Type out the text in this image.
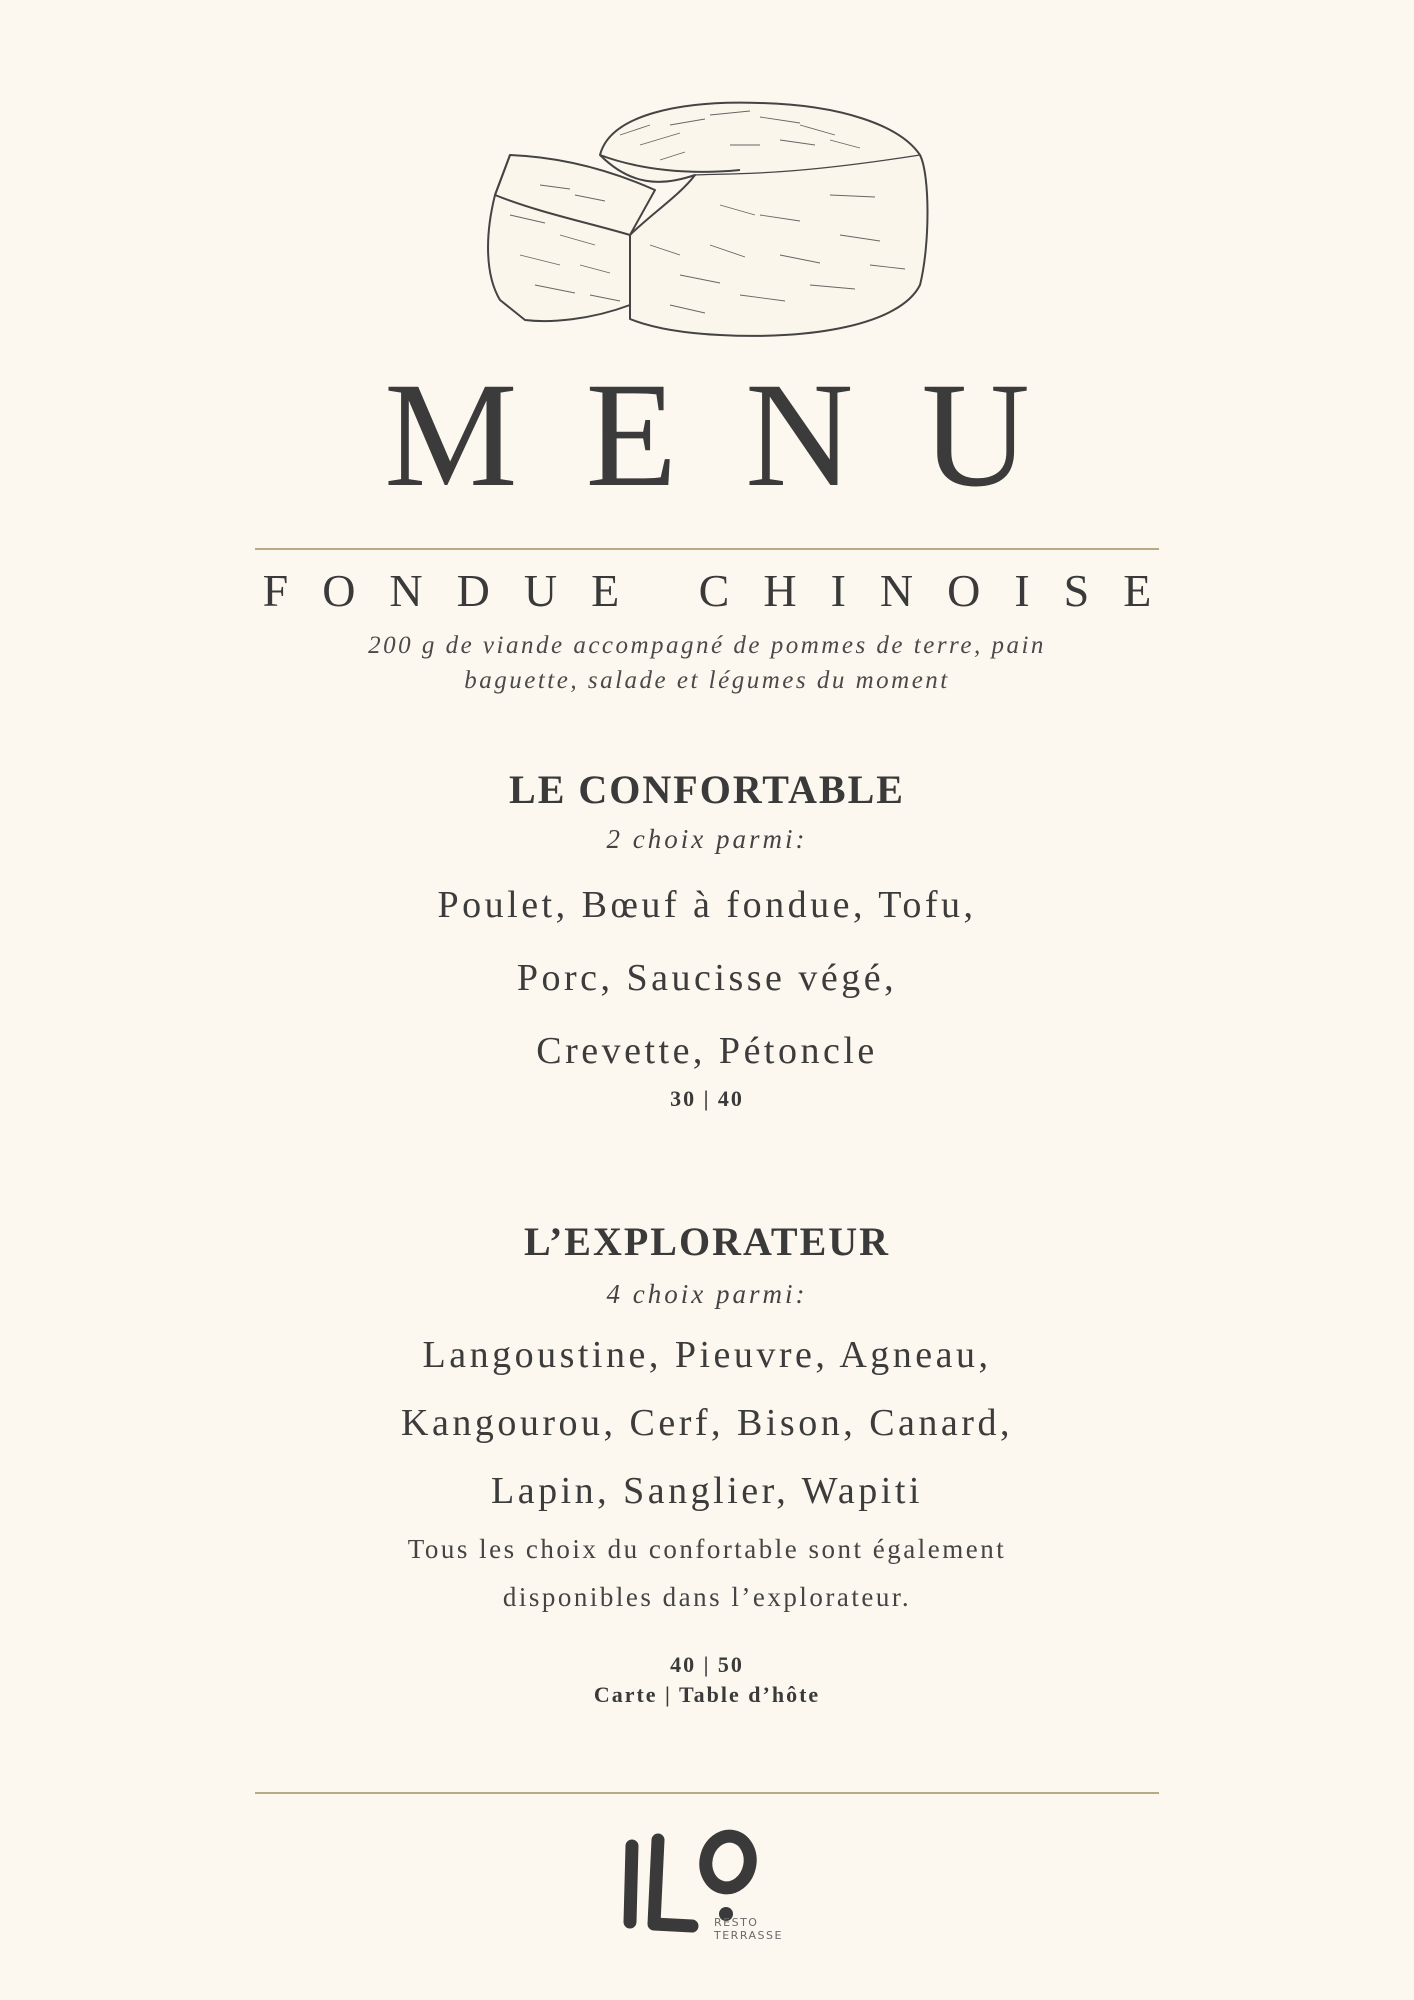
MENU
FONDUE CHINOISE
200 g de viande accompagné de pommes de terre, pain
baguette, salade et légumes du moment
LE CONFORTABLE
2 choix parmi:
Poulet, Bœuf à fondue, Tofu,
Porc, Saucisse végé,
Crevette, Pétoncle
30 | 40
L’EXPLORATEUR
4 choix parmi:
Langoustine, Pieuvre, Agneau,
Kangourou, Cerf, Bison, Canard,
Lapin, Sanglier, Wapiti
Tous les choix du confortable sont également
disponibles dans l’explorateur.
40 | 50
Carte | Table d’hôte
RESTO
TERRASSE
